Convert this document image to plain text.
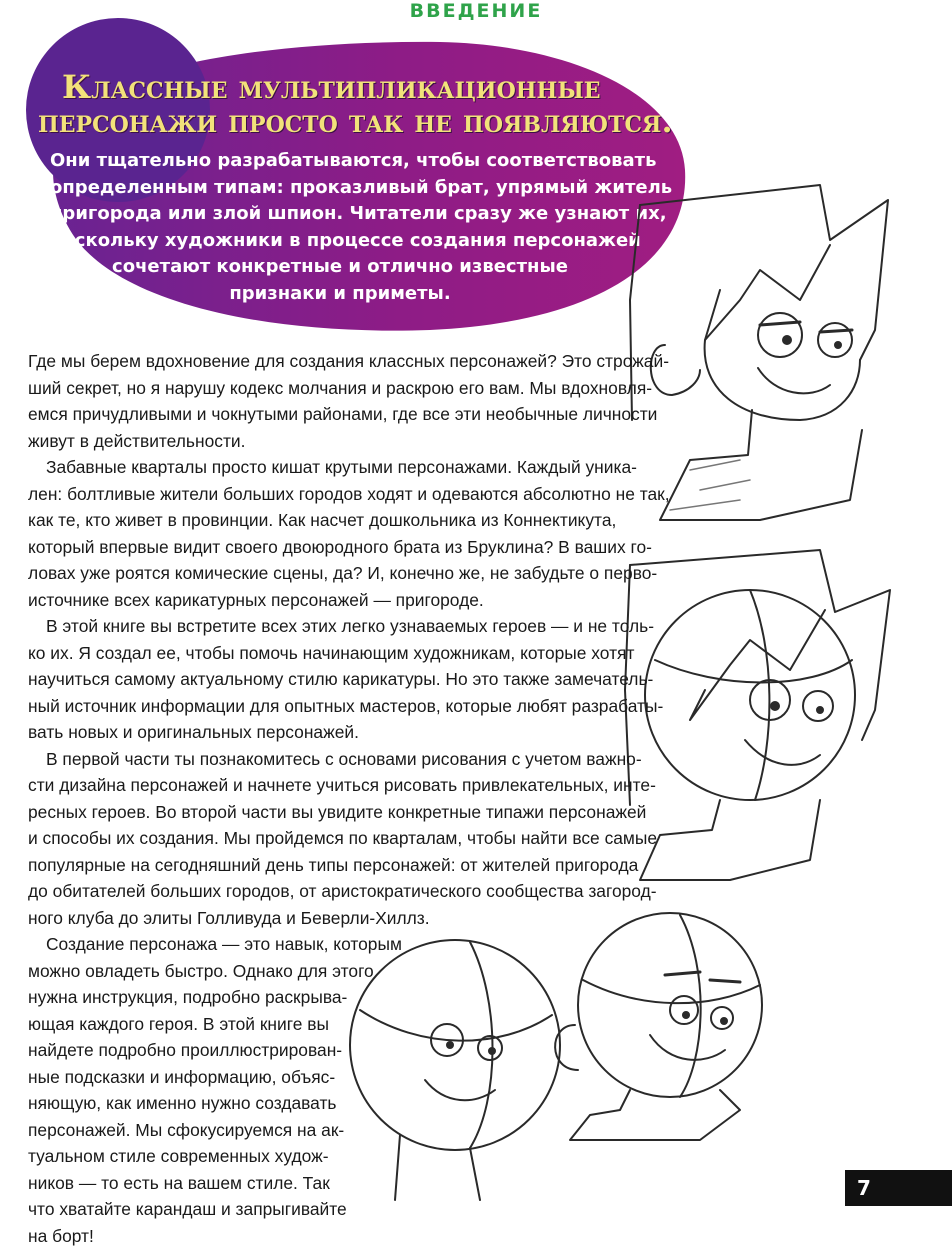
ВВЕДЕНИЕ
Классные мультипликационные
персонажи просто так не появляются.
Они тщательно разрабатываются, чтобы соответствовать
определенным типам: проказливый брат, упрямый житель
пригорода или злой шпион. Читатели сразу же узнают их,
поскольку художники в процессе создания персонажей
сочетают конкретные и отлично известные
признаки и приметы.
Где мы берем вдохновение для создания классных персонажей? Это строжай-
ший секрет, но я нарушу кодекс молчания и раскрою его вам. Мы вдохновля-
емся причудливыми и чокнутыми районами, где все эти необычные личности
живут в действительности.
Забавные кварталы просто кишат крутыми персонажами. Каждый уника-
лен: болтливые жители больших городов ходят и одеваются абсолютно не так,
как те, кто живет в провинции. Как насчет дошкольника из Коннектикута,
который впервые видит своего двоюродного брата из Бруклина? В ваших го-
ловах уже роятся комические сцены, да? И, конечно же, не забудьте о перво-
источнике всех карикатурных персонажей — пригороде.
В этой книге вы встретите всех этих легко узнаваемых героев — и не толь-
ко их. Я создал ее, чтобы помочь начинающим художникам, которые хотят
научиться самому актуальному стилю карикатуры. Но это также замечатель-
ный источник информации для опытных мастеров, которые любят разрабаты-
вать новых и оригинальных персонажей.
В первой части ты познакомитесь с основами рисования с учетом важно-
сти дизайна персонажей и начнете учиться рисовать привлекательных, инте-
ресных героев. Во второй части вы увидите конкретные типажи персонажей
и способы их создания. Мы пройдемся по кварталам, чтобы найти все самые
популярные на сегодняшний день типы персонажей: от жителей пригорода
до обитателей больших городов, от аристократического сообщества загород-
ного клуба до элиты Голливуда и Беверли-Хиллз.
Создание персонажа — это навык, которым
можно овладеть быстро. Однако для этого
нужна инструкция, подробно раскрыва-
ющая каждого героя. В этой книге вы
найдете подробно проиллюстрирован-
ные подсказки и информацию, объяс-
няющую, как именно нужно создавать
персонажей. Мы сфокусируемся на ак-
туальном стиле современных худож-
ников — то есть на вашем стиле. Так
что хватайте карандаш и запрыгивайте
на борт!
7
